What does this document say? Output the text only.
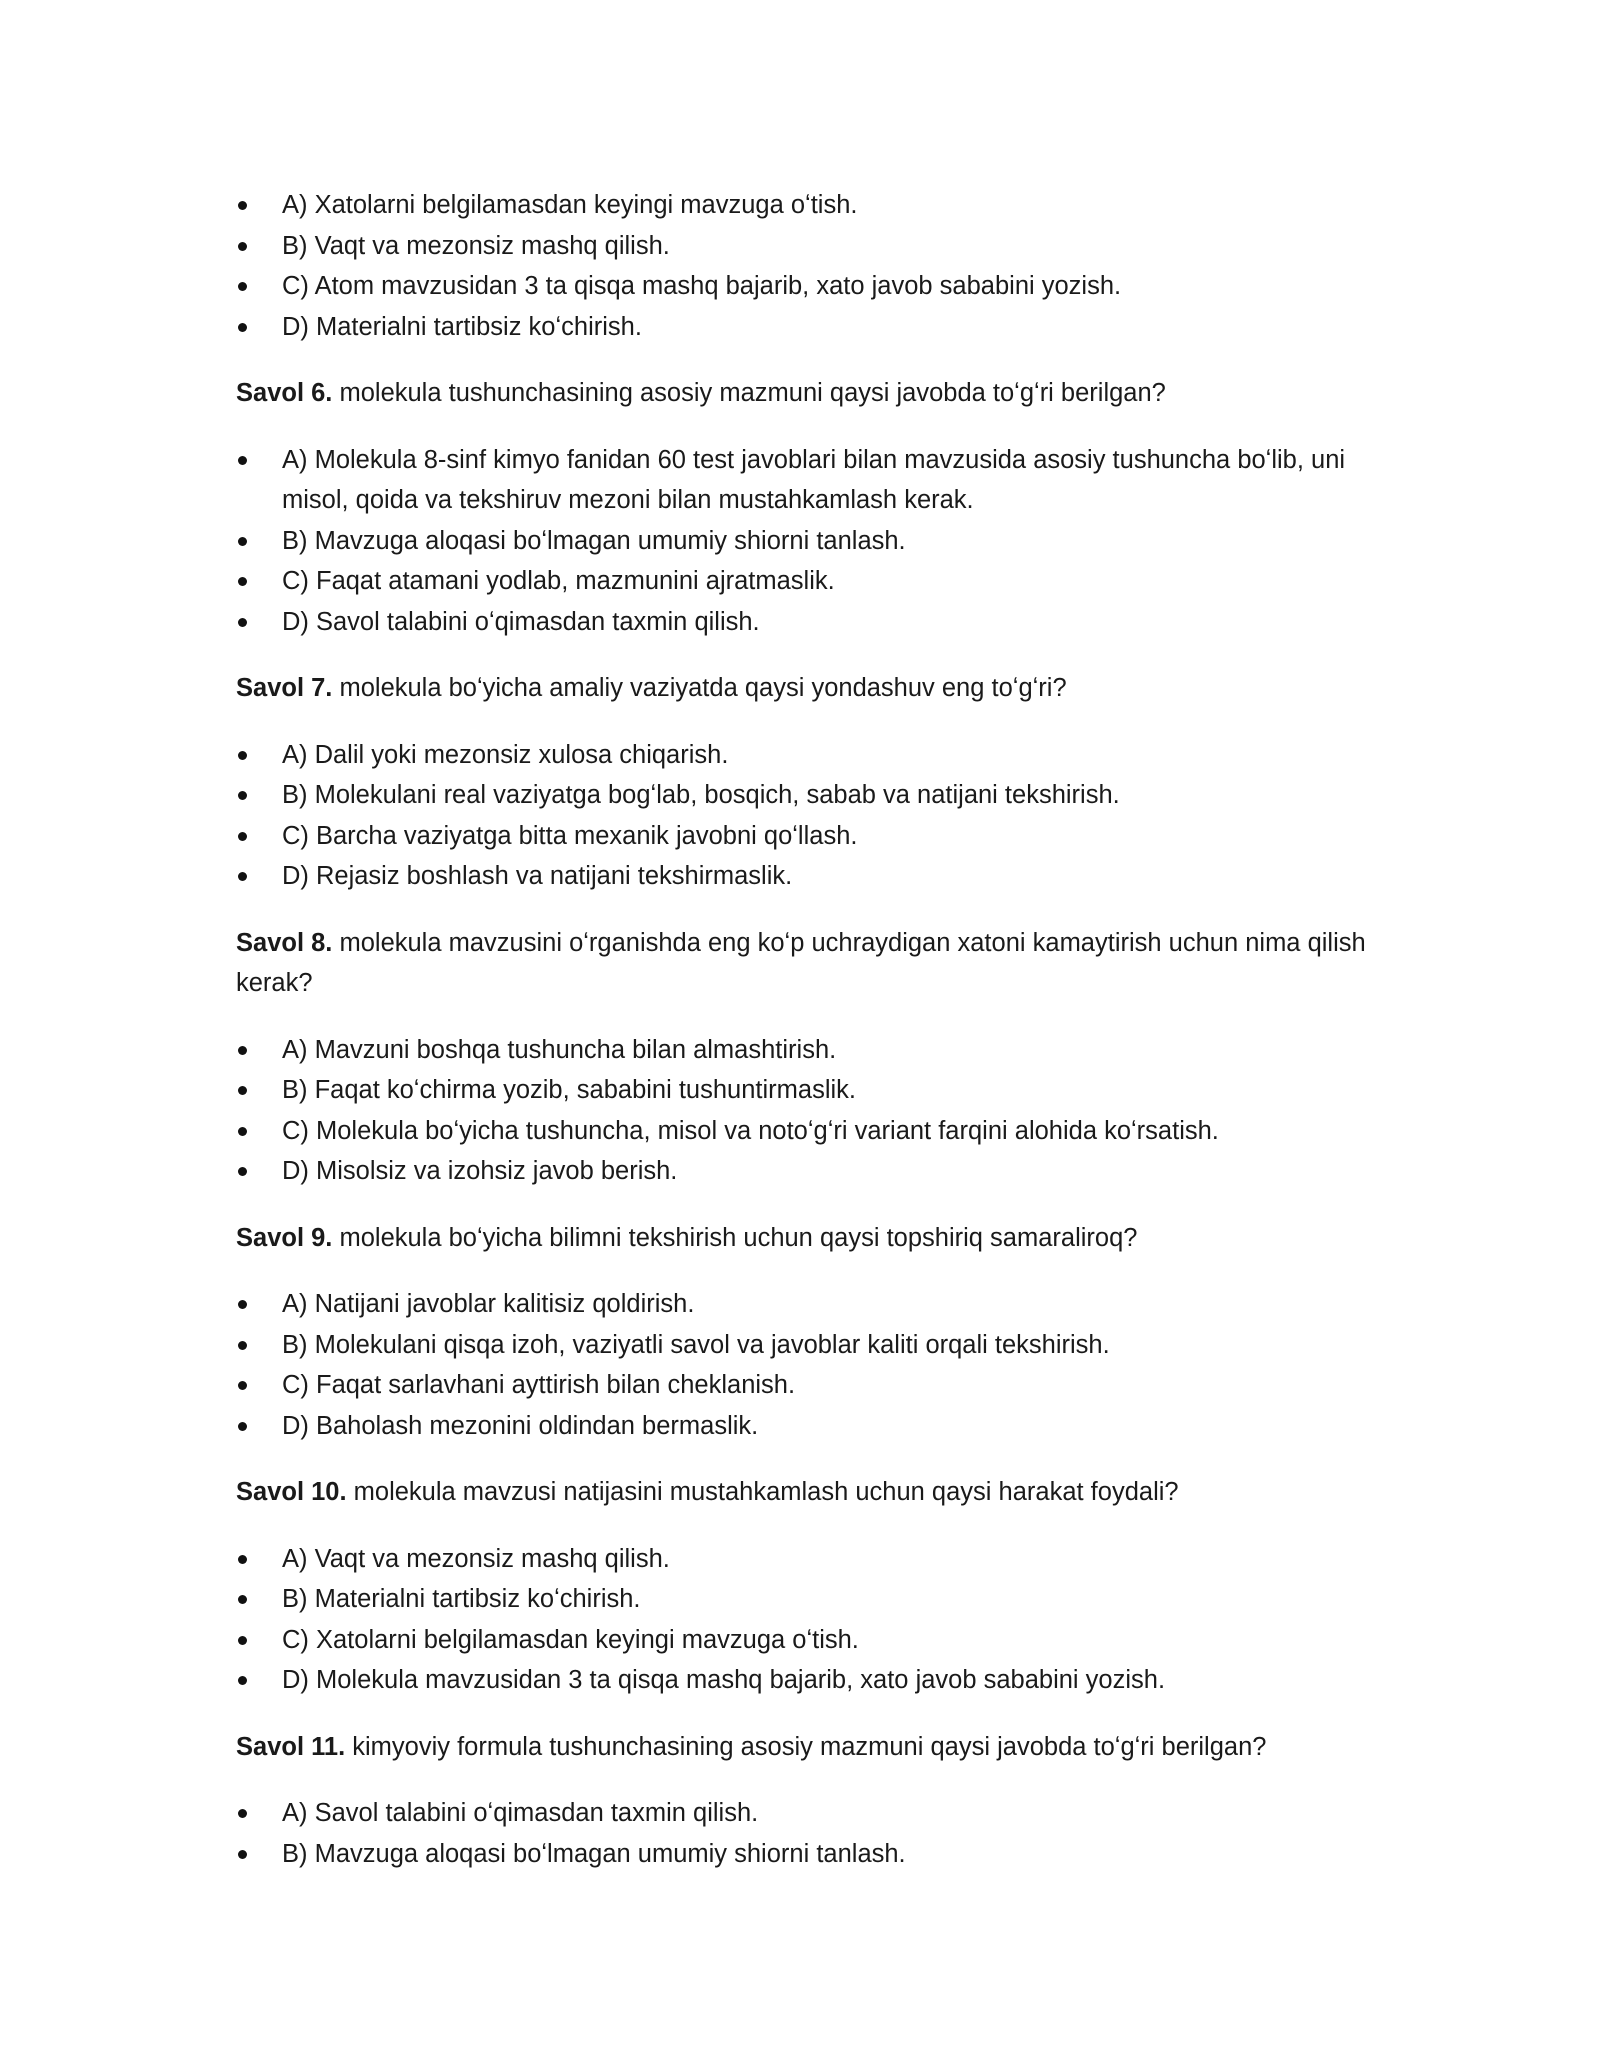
A) Xatolarni belgilamasdan keyingi mavzuga oʻtish.
B) Vaqt va mezonsiz mashq qilish.
C) Atom mavzusidan 3 ta qisqa mashq bajarib, xato javob sababini yozish.
D) Materialni tartibsiz koʻchirish.

Savol 6. molekula tushunchasining asosiy mazmuni qaysi javobda toʻgʻri berilgan?

A) Molekula 8-sinf kimyo fanidan 60 test javoblari bilan mavzusida asosiy tushuncha boʻlib, uni misol, qoida va tekshiruv mezoni bilan mustahkamlash kerak.
B) Mavzuga aloqasi boʻlmagan umumiy shiorni tanlash.
C) Faqat atamani yodlab, mazmunini ajratmaslik.
D) Savol talabini oʻqimasdan taxmin qilish.

Savol 7. molekula boʻyicha amaliy vaziyatda qaysi yondashuv eng toʻgʻri?

A) Dalil yoki mezonsiz xulosa chiqarish.
B) Molekulani real vaziyatga bogʻlab, bosqich, sabab va natijani tekshirish.
C) Barcha vaziyatga bitta mexanik javobni qoʻllash.
D) Rejasiz boshlash va natijani tekshirmaslik.

Savol 8. molekula mavzusini oʻrganishda eng koʻp uchraydigan xatoni kamaytirish uchun nima qilish kerak?

A) Mavzuni boshqa tushuncha bilan almashtirish.
B) Faqat koʻchirma yozib, sababini tushuntirmaslik.
C) Molekula boʻyicha tushuncha, misol va notoʻgʻri variant farqini alohida koʻrsatish.
D) Misolsiz va izohsiz javob berish.

Savol 9. molekula boʻyicha bilimni tekshirish uchun qaysi topshiriq samaraliroq?

A) Natijani javoblar kalitisiz qoldirish.
B) Molekulani qisqa izoh, vaziyatli savol va javoblar kaliti orqali tekshirish.
C) Faqat sarlavhani ayttirish bilan cheklanish.
D) Baholash mezonini oldindan bermaslik.

Savol 10. molekula mavzusi natijasini mustahkamlash uchun qaysi harakat foydali?

A) Vaqt va mezonsiz mashq qilish.
B) Materialni tartibsiz koʻchirish.
C) Xatolarni belgilamasdan keyingi mavzuga oʻtish.
D) Molekula mavzusidan 3 ta qisqa mashq bajarib, xato javob sababini yozish.

Savol 11. kimyoviy formula tushunchasining asosiy mazmuni qaysi javobda toʻgʻri berilgan?

A) Savol talabini oʻqimasdan taxmin qilish.
B) Mavzuga aloqasi boʻlmagan umumiy shiorni tanlash.
